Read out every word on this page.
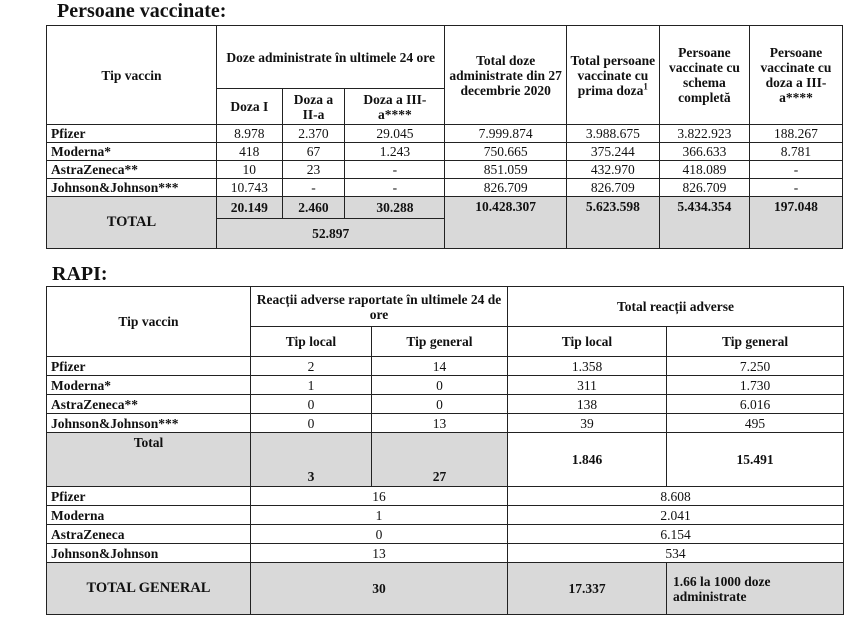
Persoane vaccinate:
Tip vaccin	Doze administrate în ultimele 24 ore			Total doze administrate din 27 decembrie 2020	Total persoane vaccinate cu prima doza$^1$	Persoane vaccinate cu schema completă	Persoane vaccinate cu doza a III-a****
	Doza I	Doza a II-a	Doza a III-a****				
Pfizer	8.978	2.370	29.045	7.999.874	3.988.675	3.822.923	188.267
Moderna*	418	67	1.243	750.665	375.244	366.633	8.781
AstraZeneca**	10	23	-	851.059	432.970	418.089	-
Johnson&Johnson***	10.743	-	-	826.709	826.709	826.709	-
TOTAL	20.149	2.460	30.288	10.428.307	5.623.598	5.434.354	197.048
	52.897						
RAPI:
Tip vaccin	Reacții adverse raportate în ultimele 24 de ore		Total reacții adverse	
	Tip local	Tip general	Tip local	Tip general
Pfizer	2	14	1.358	7.250
Moderna*	1	0	311	1.730
AstraZeneca**	0	0	138	6.016
Johnson&Johnson***	0	13	39	495
Total	3	27	1.846	15.491
Pfizer	16		8.608	
Moderna	1		2.041	
AstraZeneca	0		6.154	
Johnson&Johnson	13		534	
TOTAL GENERAL	30		17.337	1.66 la 1000 doze administrate
